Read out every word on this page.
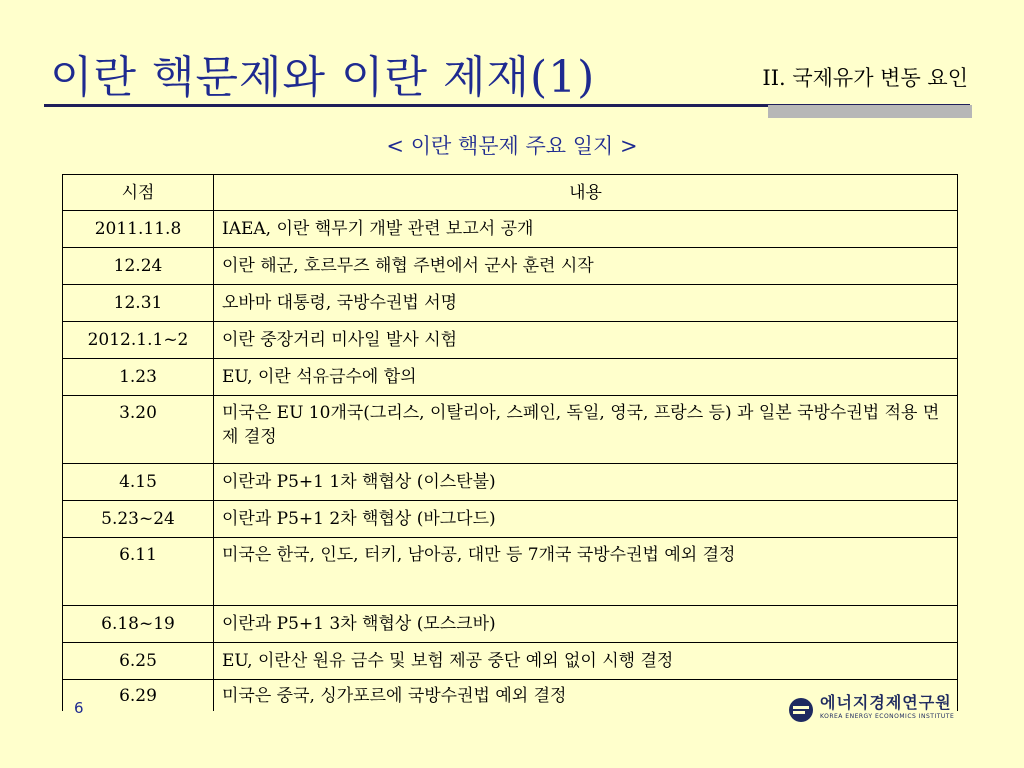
이란 핵문제와 이란 제재(1)	II. 국제유가 변동 요인
< 이란 핵문제 주요 일지 >
시점	내용
2011.11.8	IAEA, 이란 핵무기 개발 관련 보고서 공개
12.24	이란 해군, 호르무즈 해협 주변에서 군사 훈련 시작
12.31	오바마 대통령, 국방수권법 서명
2012.1.1~2	이란 중장거리 미사일 발사 시험
1.23	EU, 이란 석유금수에 합의
3.20	미국은 EU 10개국(그리스, 이탈리아, 스페인, 독일, 영국, 프랑스 등) 과 일본 국방수권법 적용 면제 결정
4.15	이란과 P5+1 1차 핵협상 (이스탄불)
5.23~24	이란과 P5+1 2차 핵협상 (바그다드)
6.11	미국은 한국, 인도, 터키, 남아공, 대만 등 7개국 국방수권법 예외 결정
6.18~19	이란과 P5+1 3차 핵협상 (모스크바)
6.25	EU, 이란산 원유 금수 및 보험 제공 중단 예외 없이 시행 결정
6.29	미국은 중국, 싱가포르에 국방수권법 예외 결정
6	에너지경제연구원
KOREA ENERGY ECONOMICS INSTITUTE
